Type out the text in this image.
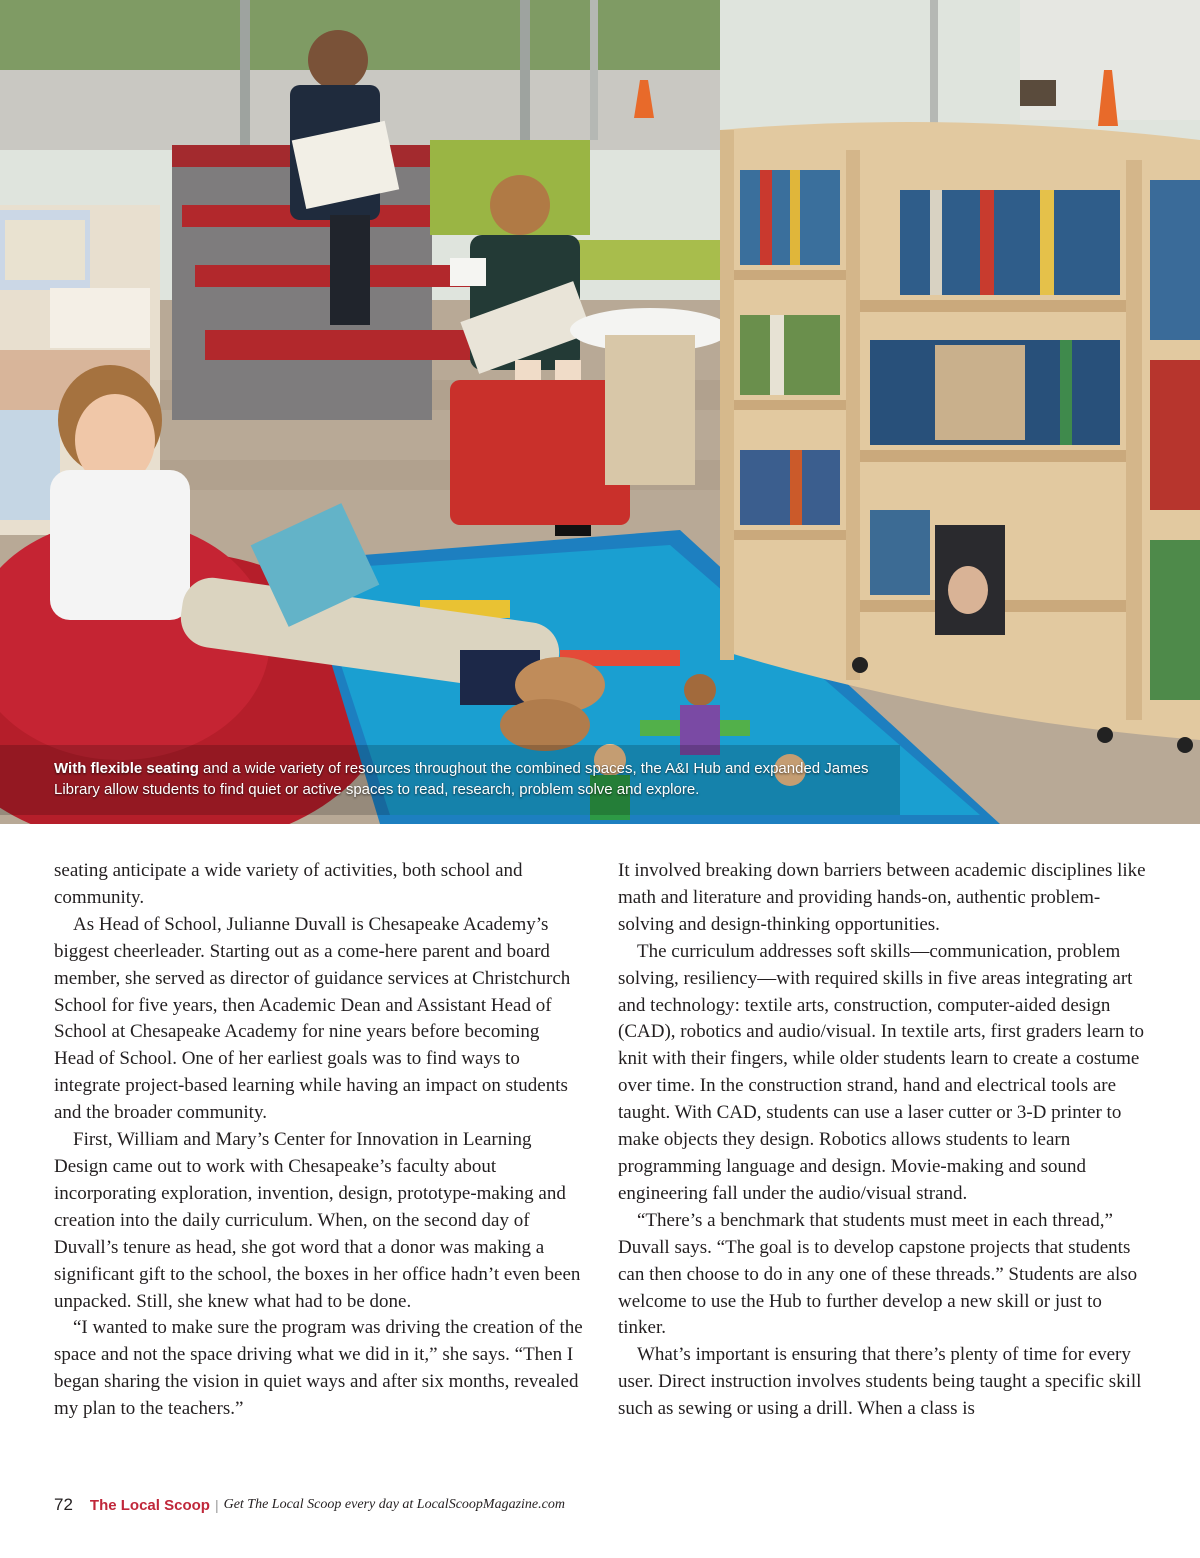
With flexible seating and a wide variety of resources throughout the combined spaces, the A&I Hub and expanded James Library allow students to find quiet or active spaces to read, research, problem solve and explore.

seating anticipate a wide variety of activities, both school and community.

As Head of School, Julianne Duvall is Chesapeake Academy’s biggest cheerleader. Starting out as a come-here parent and board member, she served as director of guidance services at Christchurch School for five years, then Academic Dean and Assistant Head of School at Chesapeake Academy for nine years before becoming Head of School. One of her earliest goals was to find ways to integrate project-based learning while having an impact on students and the broader community.

First, William and Mary’s Center for Innovation in Learning Design came out to work with Chesapeake’s faculty about incorporating exploration, invention, design, prototype-making and creation into the daily curriculum. When, on the second day of Duvall’s tenure as head, she got word that a donor was making a significant gift to the school, the boxes in her office hadn’t even been unpacked. Still, she knew what had to be done.

“I wanted to make sure the program was driving the creation of the space and not the space driving what we did in it,” she says. “Then I began sharing the vision in quiet ways and after six months, revealed my plan to the teachers.”

It involved breaking down barriers between academic disciplines like math and literature and providing hands-on, authentic problem-solving and design-thinking opportunities.

The curriculum addresses soft skills—communication, problem solving, resiliency—with required skills in five areas integrating art and technology: textile arts, construction, computer-aided design (CAD), robotics and audio/visual. In textile arts, first graders learn to knit with their fingers, while older students learn to create a costume over time. In the construction strand, hand and electrical tools are taught. With CAD, students can use a laser cutter or 3-D printer to make objects they design. Robotics allows students to learn programming language and design. Movie-making and sound engineering fall under the audio/visual strand.

“There’s a benchmark that students must meet in each thread,” Duvall says. “The goal is to develop capstone projects that students can then choose to do in any one of these threads.” Students are also welcome to use the Hub to further develop a new skill or just to tinker.

What’s important is ensuring that there’s plenty of time for every user. Direct instruction involves students being taught a specific skill such as sewing or using a drill. When a class is

72 The Local Scoop | Get The Local Scoop every day at LocalScoopMagazine.com
